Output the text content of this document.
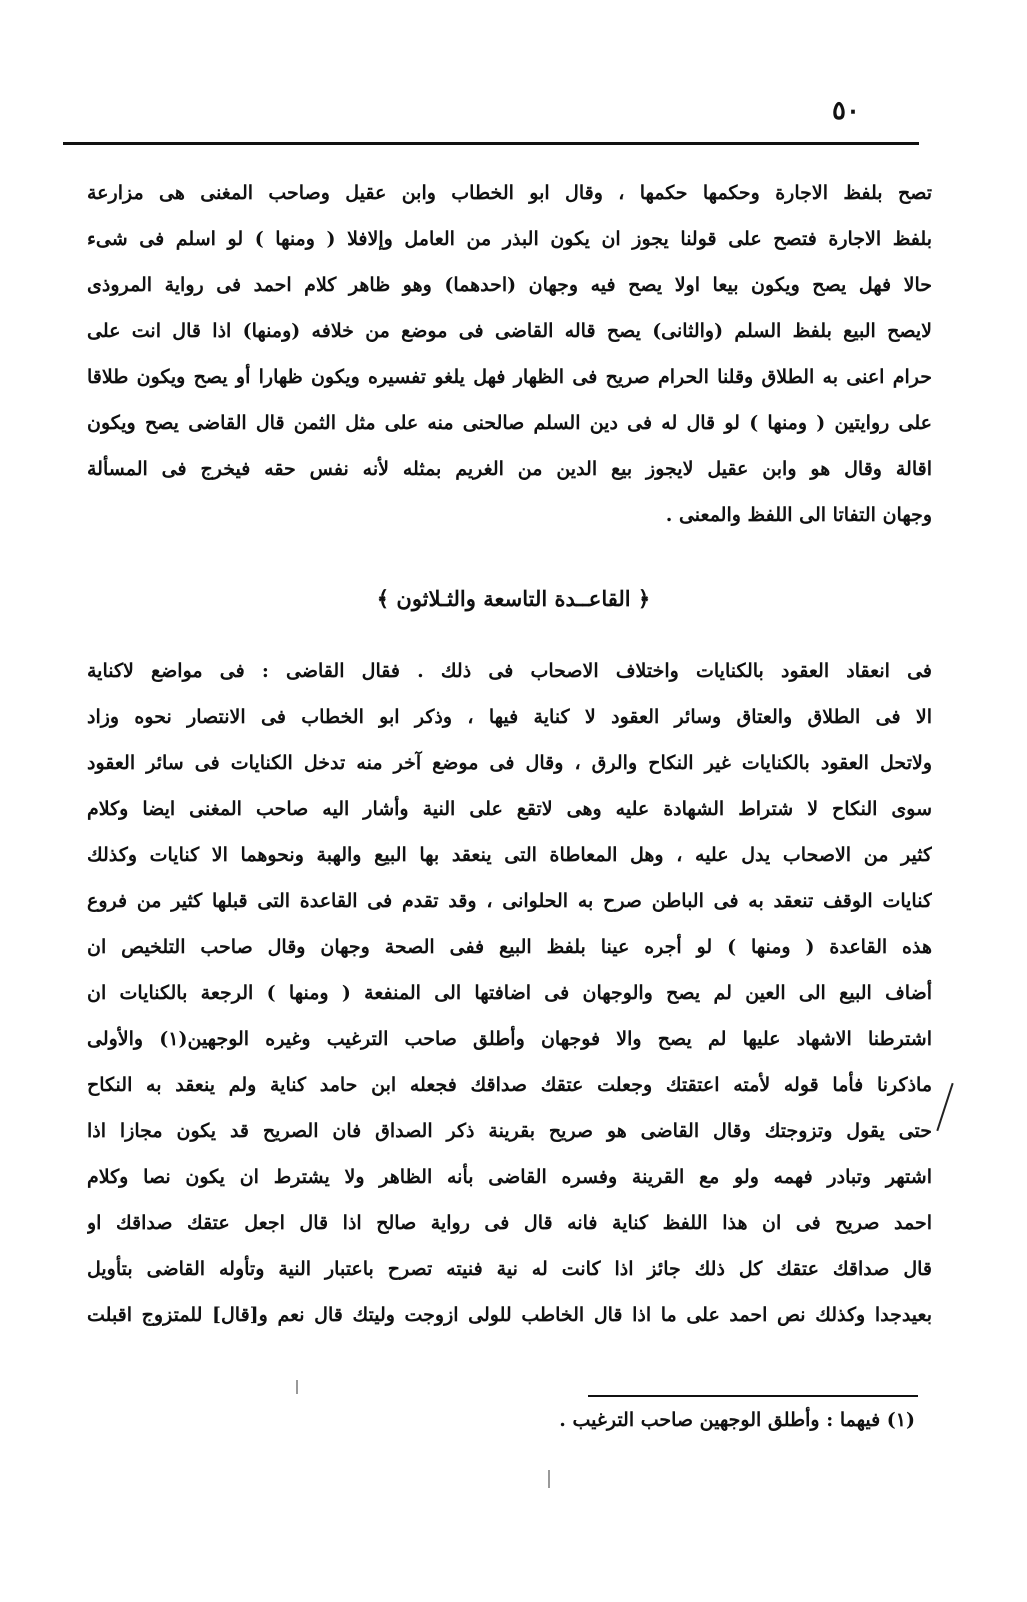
٥٠
تصح بلفظ الاجارة وحكمها حكمها ، وقال ابو الخطاب وابن عقيل وصاحب المغنى هى مزارعة
بلفظ الاجارة فتصح على قولنا يجوز ان يكون البذر من العامل وإلافلا ( ومنها ) لو اسلم فى شىء
حالا فهل يصح ويكون بيعا اولا يصح فيه وجهان (احدهما) وهو ظاهر كلام احمد فى رواية المروذى
لايصح البيع بلفظ السلم (والثانى) يصح قاله القاضى فى موضع من خلافه (ومنها) اذا قال انت على
حرام اعنى به الطلاق وقلنا الحرام صريح فى الظهار فهل يلغو تفسيره ويكون ظهارا أو يصح ويكون طلاقا
على روايتين ( ومنها ) لو قال له فى دين السلم صالحنى منه على مثل الثمن قال القاضى يصح ويكون
اقالة وقال هو وابن عقيل لايجوز بيع الدين من الغريم بمثله لأنه نفس حقه فيخرج فى المسألة
وجهان التفاتا الى اللفظ والمعنى .
﴿ القاعــدة التاسعة والثـلاثون ﴾
فى انعقاد العقود بالكنايات واختلاف الاصحاب فى ذلك . فقال القاضى : فى مواضع لاكناية
الا فى الطلاق والعتاق وسائر العقود لا كناية فيها ، وذكر ابو الخطاب فى الانتصار نحوه وزاد
ولاتحل العقود بالكنايات غير النكاح والرق ، وقال فى موضع آخر منه تدخل الكنايات فى سائر العقود
سوى النكاح لا شتراط الشهادة عليه وهى لاتقع على النية وأشار اليه صاحب المغنى ايضا وكلام
كثير من الاصحاب يدل عليه ، وهل المعاطاة التى ينعقد بها البيع والهبة ونحوهما الا كنايات وكذلك
كنايات الوقف تنعقد به فى الباطن صرح به الحلوانى ، وقد تقدم فى القاعدة التى قبلها كثير من فروع
هذه القاعدة ( ومنها ) لو أجره عينا بلفظ البيع ففى الصحة وجهان وقال صاحب التلخيص ان
أضاف البيع الى العين لم يصح والوجهان فى اضافتها الى المنفعة ( ومنها ) الرجعة بالكنايات ان
اشترطنا الاشهاد عليها لم يصح والا فوجهان وأطلق صاحب الترغيب وغيره الوجهين(١) والأولى
ماذكرنا فأما قوله لأمته اعتقتك وجعلت عتقك صداقك فجعله ابن حامد كناية ولم ينعقد به النكاح
حتى يقول وتزوجتك وقال القاضى هو صريح بقرينة ذكر الصداق فان الصريح قد يكون مجازا اذا
اشتهر وتبادر فهمه ولو مع القرينة وفسره القاضى بأنه الظاهر ولا يشترط ان يكون نصا وكلام
احمد صريح فى ان هذا اللفظ كناية فانه قال فى رواية صالح اذا قال اجعل عتقك صداقك او
قال صداقك عتقك كل ذلك جائز اذا كانت له نية فنيته تصرح باعتبار النية وتأوله القاضى بتأويل
بعيدجدا وكذلك نص احمد على ما اذا قال الخاطب للولى ازوجت وليتك قال نعم و[قال] للمتزوج اقبلت
(١) فيهما : وأطلق الوجهين صاحب الترغيب .
